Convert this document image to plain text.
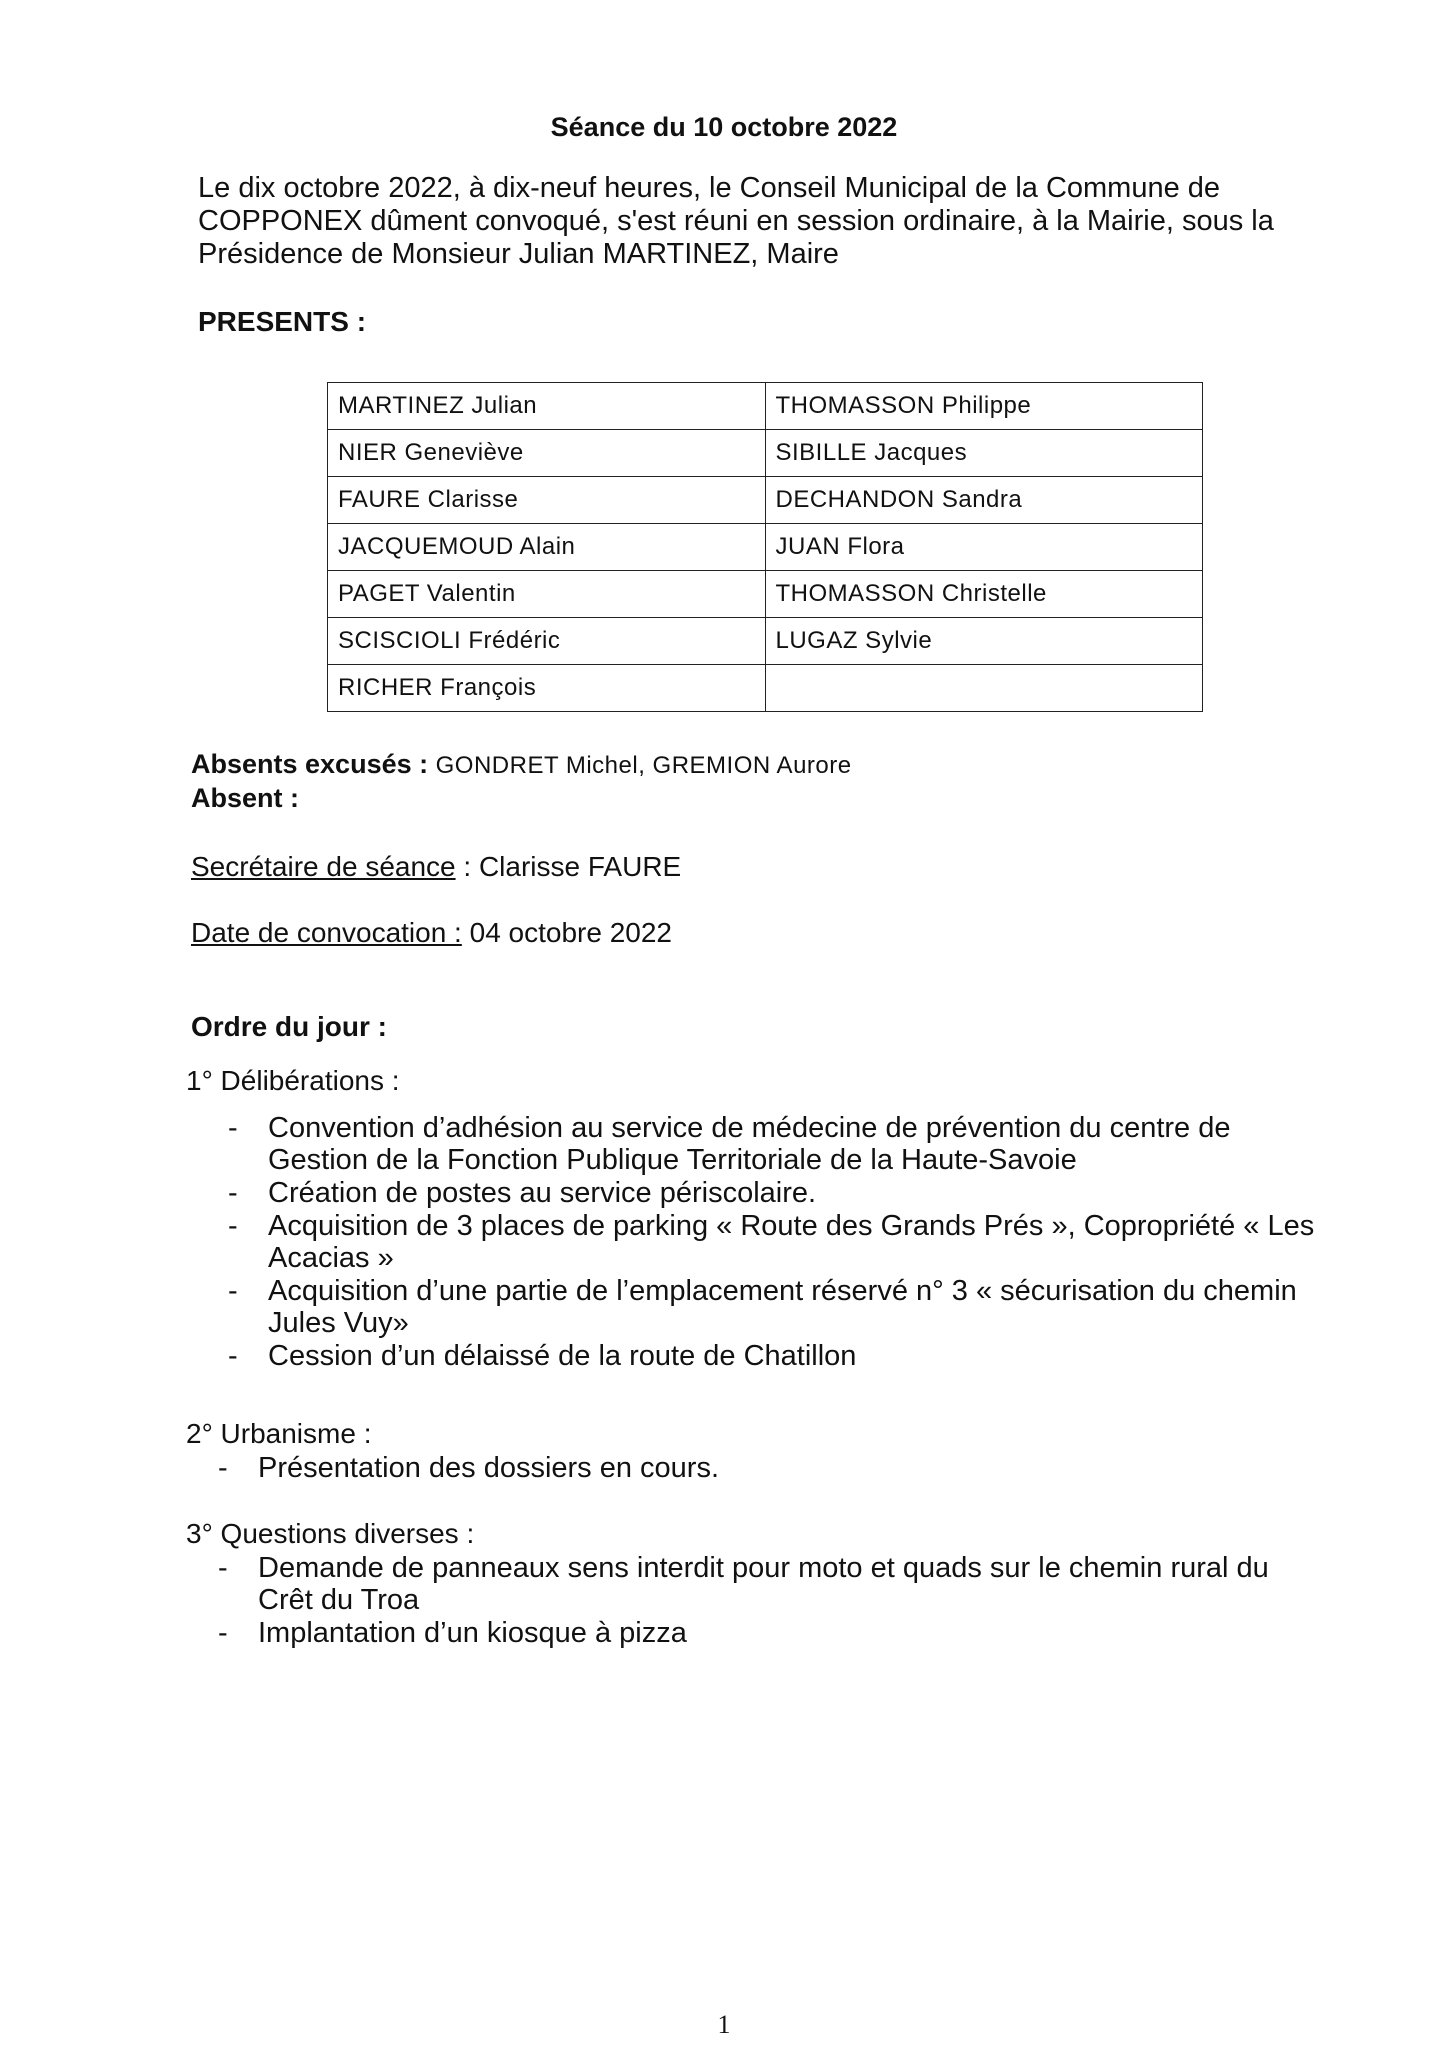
Séance du 10 octobre 2022
Le dix octobre 2022, à dix-neuf heures, le Conseil Municipal de la Commune de COPPONEX dûment convoqué, s'est réuni en session ordinaire, à la Mairie, sous la Présidence de Monsieur Julian MARTINEZ, Maire
PRESENTS :
MARTINEZ Julian	THOMASSON Philippe
NIER Geneviève	SIBILLE Jacques
FAURE Clarisse	DECHANDON Sandra
JACQUEMOUD Alain	JUAN Flora
PAGET Valentin	THOMASSON Christelle
SCISCIOLI Frédéric	LUGAZ Sylvie
RICHER François	
Absents excusés : GONDRET Michel, GREMION Aurore
Absent :
Secrétaire de séance : Clarisse FAURE
Date de convocation : 04 octobre 2022
Ordre du jour :
1° Délibérations :
- Convention d’adhésion au service de médecine de prévention du centre de Gestion de la Fonction Publique Territoriale de la Haute-Savoie
- Création de postes au service périscolaire.
- Acquisition de 3 places de parking « Route des Grands Prés », Copropriété « Les Acacias »
- Acquisition d’une partie de l’emplacement réservé n° 3 « sécurisation du chemin Jules Vuy»
- Cession d’un délaissé de la route de Chatillon
2° Urbanisme :
- Présentation des dossiers en cours.
3° Questions diverses :
- Demande de panneaux sens interdit pour moto et quads sur le chemin rural du Crêt du Troa
- Implantation d’un kiosque à pizza
1
